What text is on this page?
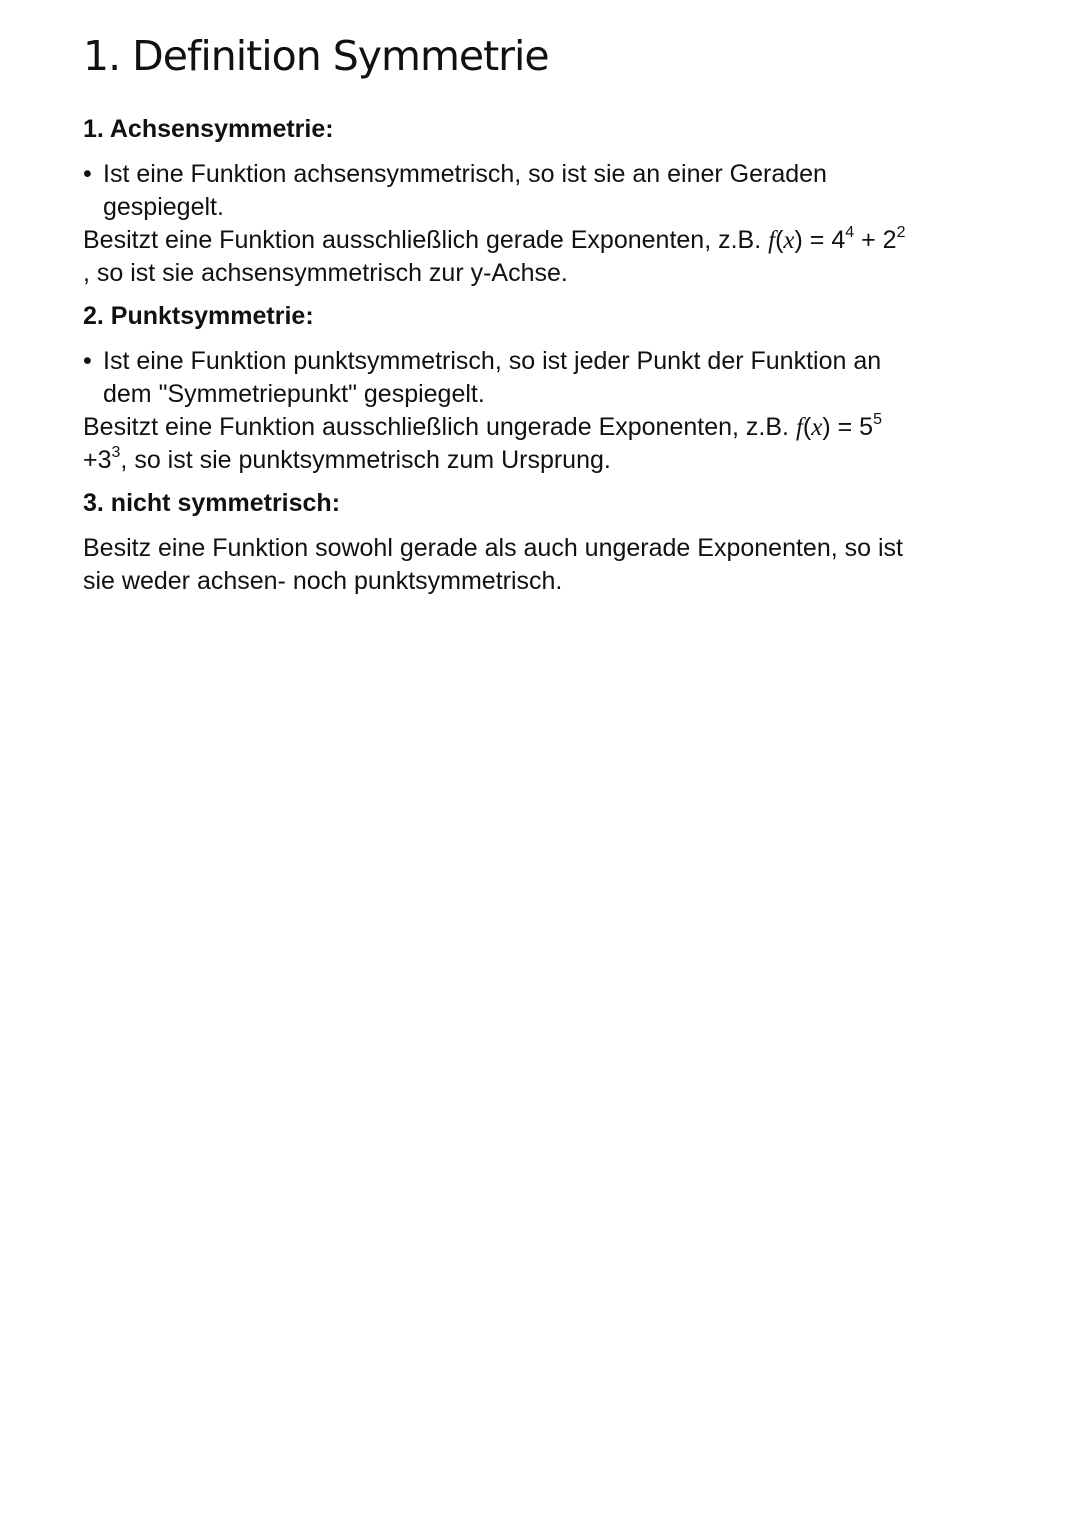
1. Definition Symmetrie
1. Achsensymmetrie:
• Ist eine Funktion achsensymmetrisch, so ist sie an einer Geraden
gespiegelt.
Besitzt eine Funktion ausschließlich gerade Exponenten, z.B. $f(x) = 4^4 + 2^2$
, so ist sie achsensymmetrisch zur y-Achse.
2. Punktsymmetrie:
• Ist eine Funktion punktsymmetrisch, so ist jeder Punkt der Funktion an
dem "Symmetriepunkt" gespiegelt.
Besitzt eine Funktion ausschließlich ungerade Exponenten, z.B. $f(x) = 5^5$
$+3^3$, so ist sie punktsymmetrisch zum Ursprung.
3. nicht symmetrisch:
Besitz eine Funktion sowohl gerade als auch ungerade Exponenten, so ist
sie weder achsen- noch punktsymmetrisch.
